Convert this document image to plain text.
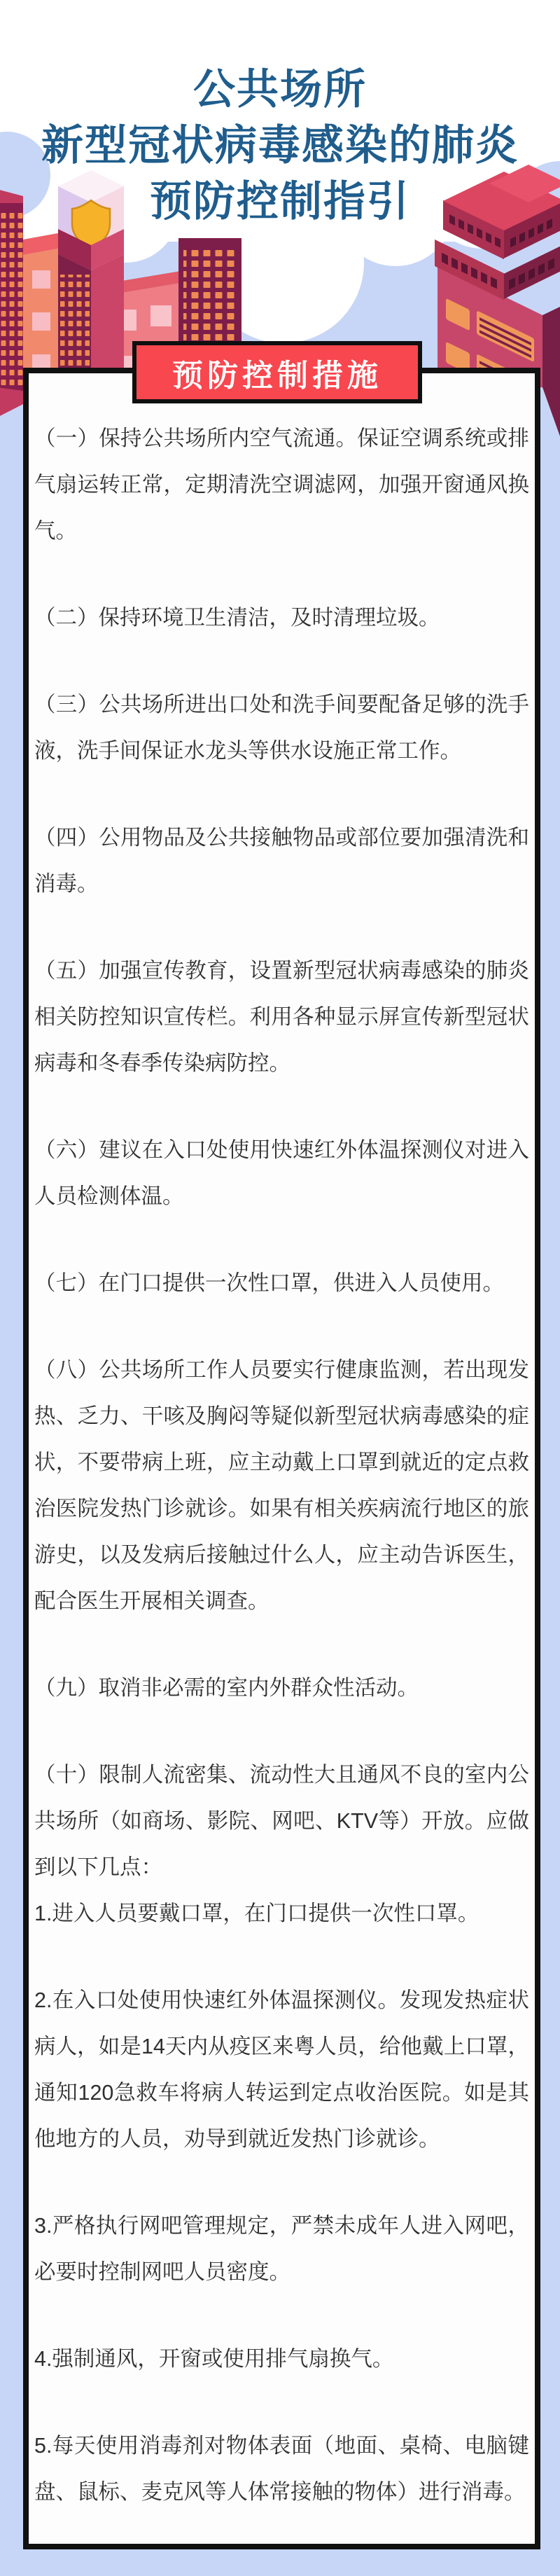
公共场所
新型冠状病毒感染的肺炎
预防控制指引
（一）保持公共场所内空气流通。保证空调系统或排气扇运转正常，定期清洗空调滤网，加强开窗通风换气。
（二）保持环境卫生清洁，及时清理垃圾。
（三）公共场所进出口处和洗手间要配备足够的洗手液，洗手间保证水龙头等供水设施正常工作。
（四）公用物品及公共接触物品或部位要加强清洗和消毒。
（五）加强宣传教育，设置新型冠状病毒感染的肺炎相关防控知识宣传栏。利用各种显示屏宣传新型冠状病毒和冬春季传染病防控。
（六）建议在入口处使用快速红外体温探测仪对进入人员检测体温。
（七）在门口提供一次性口罩，供进入人员使用。
（八）公共场所工作人员要实行健康监测，若出现发热、乏力、干咳及胸闷等疑似新型冠状病毒感染的症状，不要带病上班，应主动戴上口罩到就近的定点救治医院发热门诊就诊。如果有相关疾病流行地区的旅游史，以及发病后接触过什么人，应主动告诉医生，配合医生开展相关调查。
（九）取消非必需的室内外群众性活动。
（十）限制人流密集、流动性大且通风不良的室内公共场所（如商场、影院、网吧、KTV等）开放。应做到以下几点：
1.进入人员要戴口罩，在门口提供一次性口罩。
2.在入口处使用快速红外体温探测仪。发现发热症状病人，如是14天内从疫区来粤人员，给他戴上口罩，通知120急救车将病人转运到定点收治医院。如是其他地方的人员，劝导到就近发热门诊就诊。
3.严格执行网吧管理规定，严禁未成年人进入网吧，必要时控制网吧人员密度。
4.强制通风，开窗或使用排气扇换气。
5.每天使用消毒剂对物体表面（地面、桌椅、电脑键盘、鼠标、麦克风等人体常接触的物体）进行消毒。
预防控制措施
